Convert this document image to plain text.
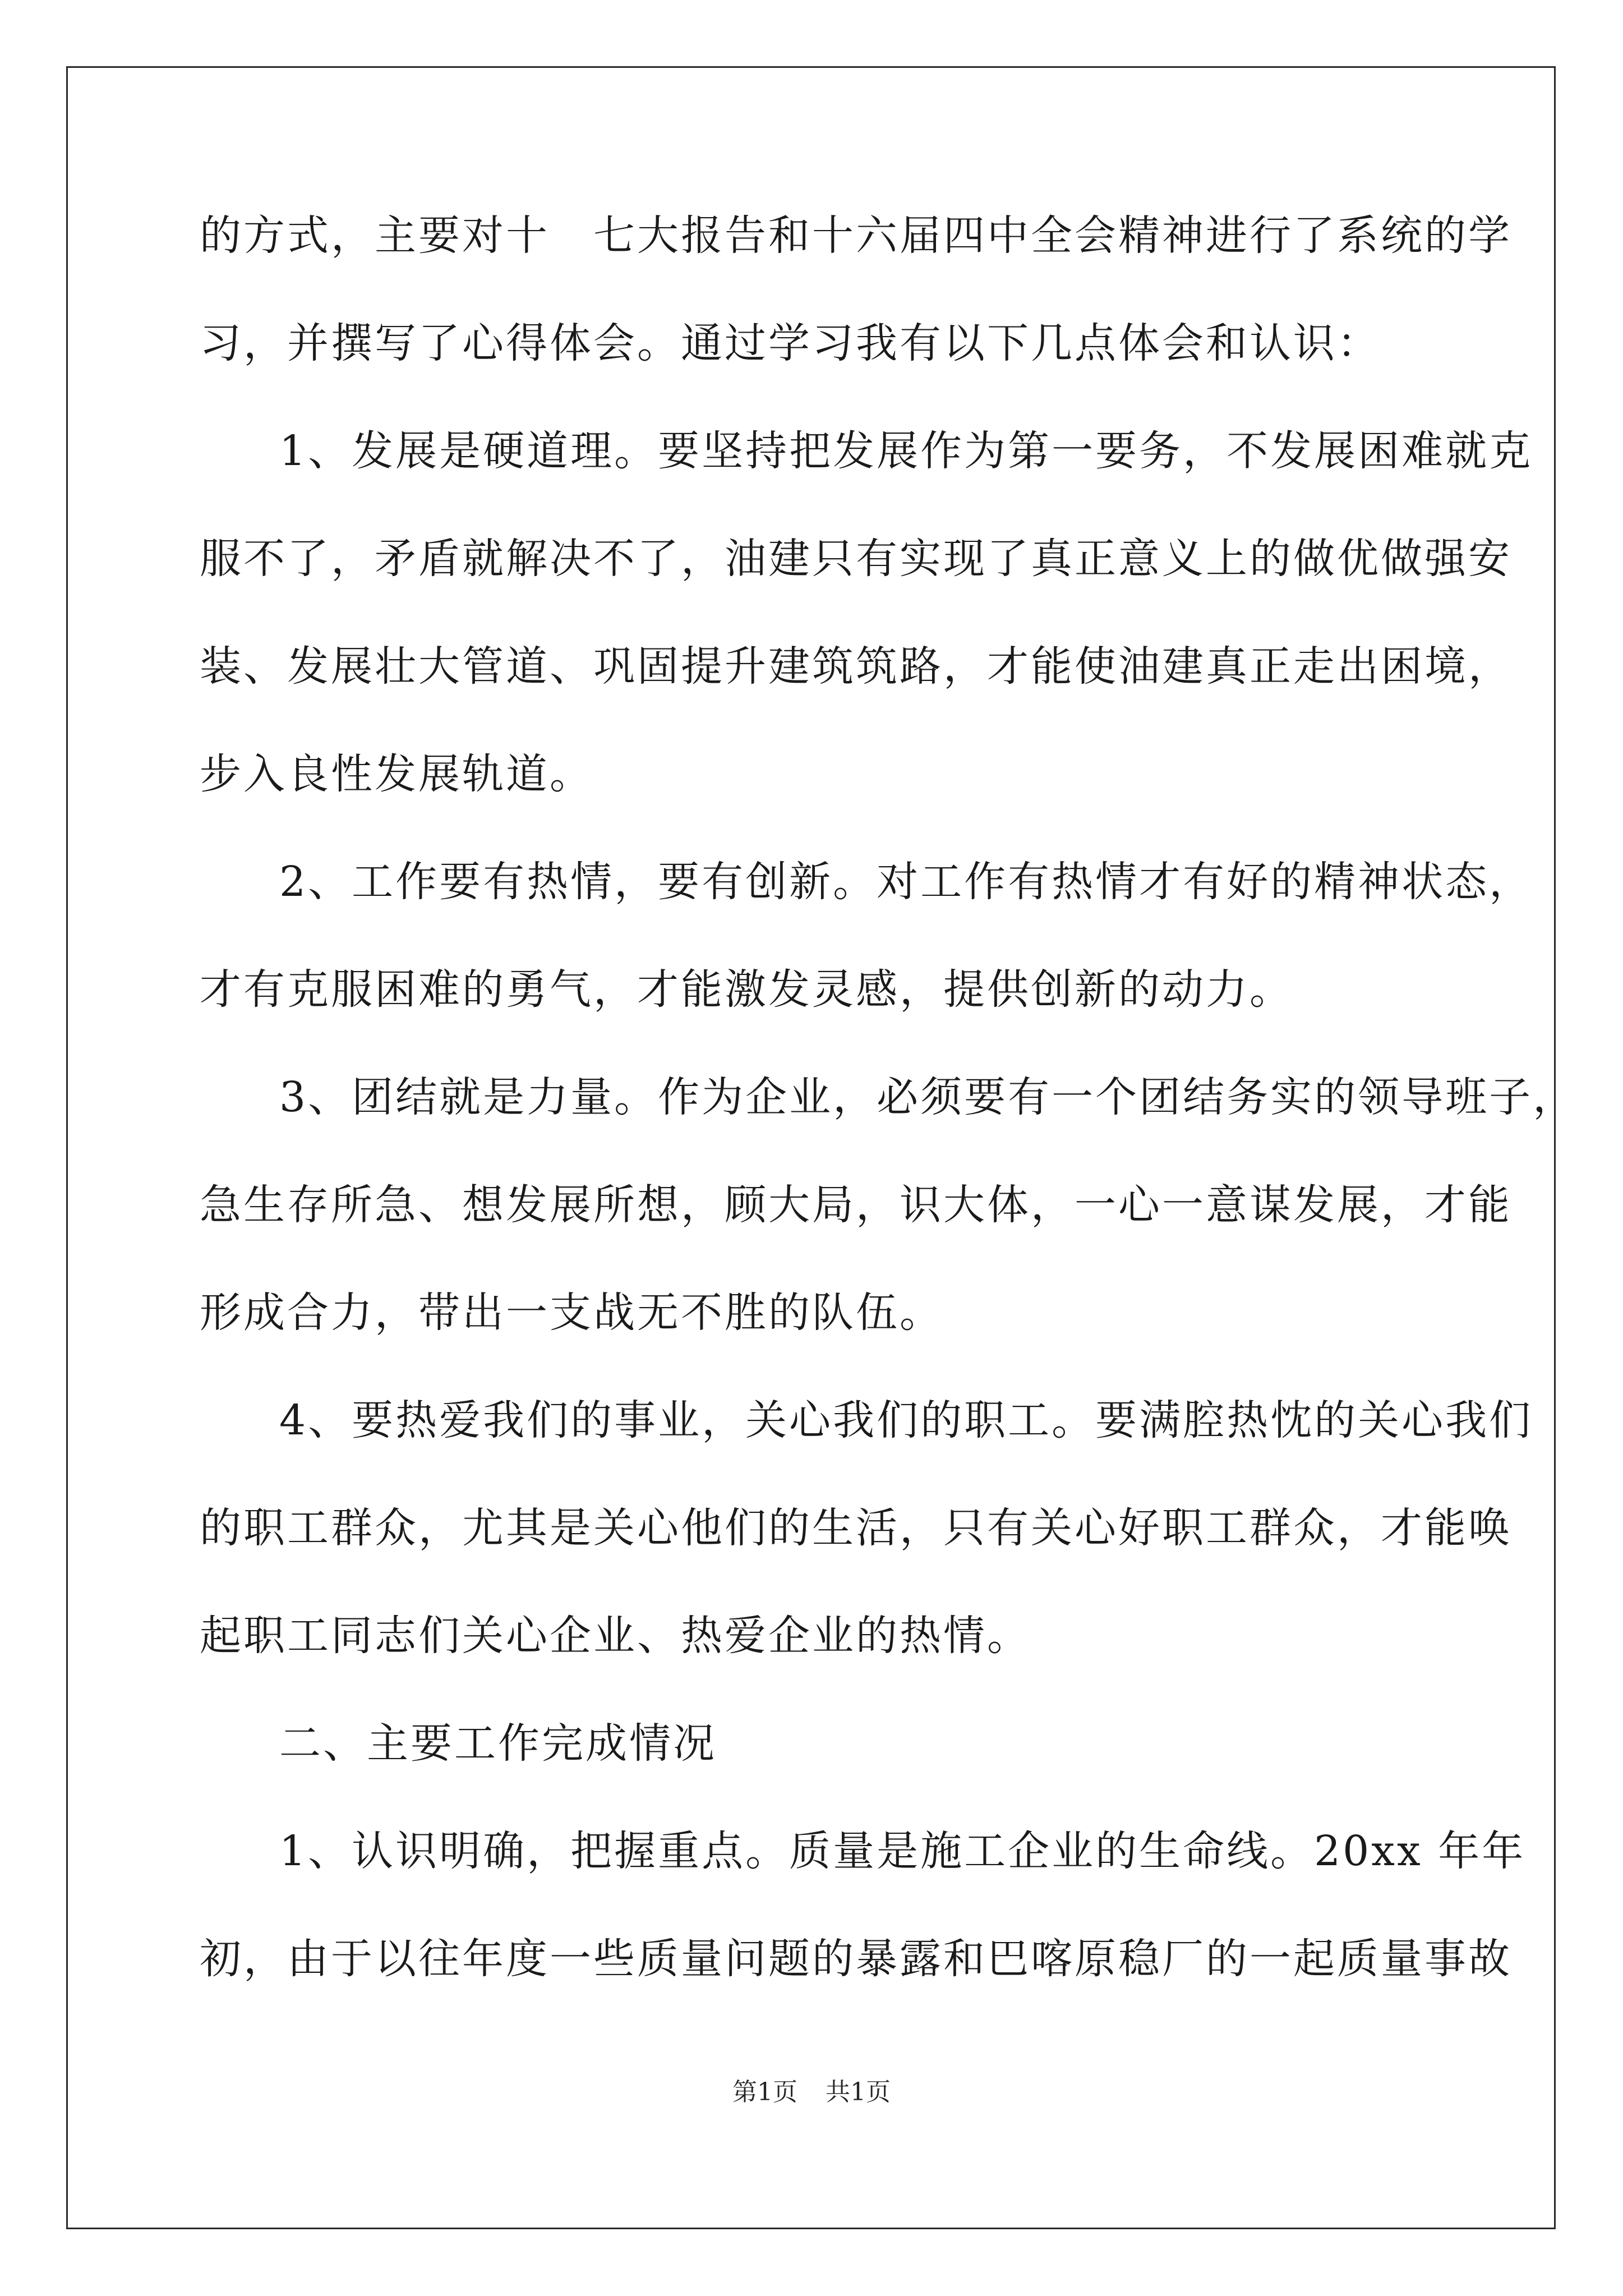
的方式，主要对十　七大报告和十六届四中全会精神进行了系统的学
习，并撰写了心得体会。通过学习我有以下几点体会和认识：
1、发展是硬道理。要坚持把发展作为第一要务，不发展困难就克
服不了，矛盾就解决不了，油建只有实现了真正意义上的做优做强安
装、发展壮大管道、巩固提升建筑筑路，才能使油建真正走出困境，
步入良性发展轨道。
2、工作要有热情，要有创新。对工作有热情才有好的精神状态，
才有克服困难的勇气，才能激发灵感，提供创新的动力。
3、团结就是力量。作为企业，必须要有一个团结务实的领导班子，
急生存所急、想发展所想，顾大局，识大体，一心一意谋发展，才能
形成合力，带出一支战无不胜的队伍。
4、要热爱我们的事业，关心我们的职工。要满腔热忱的关心我们
的职工群众，尤其是关心他们的生活，只有关心好职工群众，才能唤
起职工同志们关心企业、热爱企业的热情。
二、主要工作完成情况
1、认识明确，把握重点。质量是施工企业的生命线。20xx 年年
初，由于以往年度一些质量问题的暴露和巴喀原稳厂的一起质量事故
第1页 共1页
